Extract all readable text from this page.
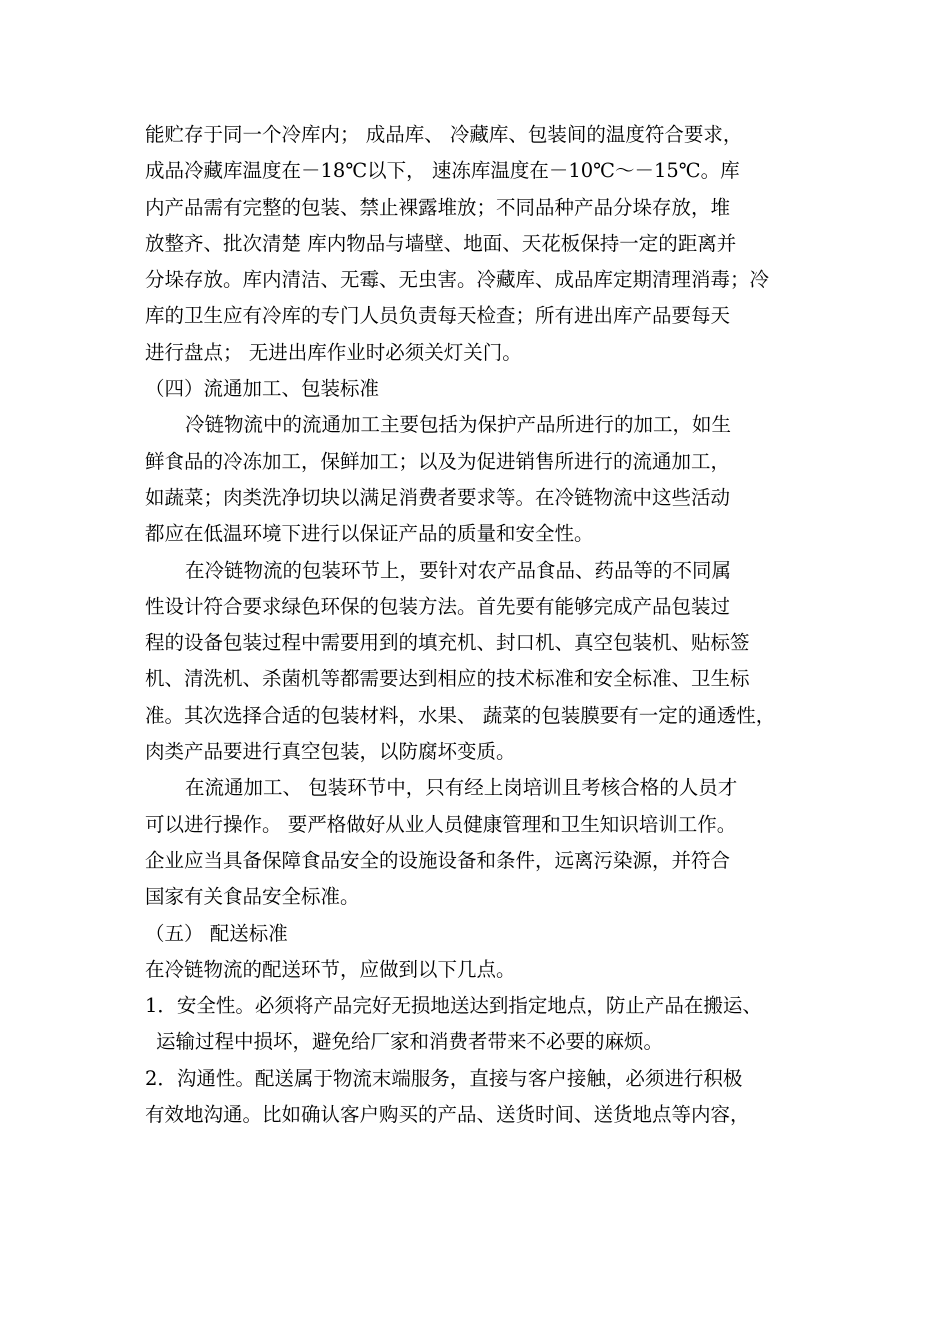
能贮存于同一个冷库内； 成品库、 冷藏库、包装间的温度符合要求，
成品冷藏库温度在－18℃以下， 速冻库温度在－10℃～－15℃。库
内产品需有完整的包装、禁止裸露堆放；不同品种产品分垛存放，堆
放整齐、批次清楚 库内物品与墙壁、地面、天花板保持一定的距离并
分垛存放。库内清洁、无霉、无虫害。冷藏库、成品库定期清理消毒；冷
库的卫生应有冷库的专门人员负责每天检查；所有进出库产品要每天
进行盘点； 无进出库作业时必须关灯关门。
（四）流通加工、包装标准
冷链物流中的流通加工主要包括为保护产品所进行的加工，如生
鲜食品的冷冻加工，保鲜加工；以及为促进销售所进行的流通加工，
如蔬菜；肉类洗净切块以满足消费者要求等。在冷链物流中这些活动
都应在低温环境下进行以保证产品的质量和安全性。
在冷链物流的包装环节上，要针对农产品食品、药品等的不同属
性设计符合要求绿色环保的包装方法。首先要有能够完成产品包装过
程的设备包装过程中需要用到的填充机、封口机、真空包装机、贴标签
机、清洗机、杀菌机等都需要达到相应的技术标准和安全标准、卫生标
准。其次选择合适的包装材料，水果、 蔬菜的包装膜要有一定的通透性，
肉类产品要进行真空包装，以防腐坏变质。
在流通加工、 包装环节中，只有经上岗培训且考核合格的人员才
可以进行操作。 要严格做好从业人员健康管理和卫生知识培训工作。
企业应当具备保障食品安全的设施设备和条件，远离污染源，并符合
国家有关食品安全标准。
（五） 配送标准
在冷链物流的配送环节，应做到以下几点。
1．安全性。必须将产品完好无损地送达到指定地点，防止产品在搬运、
运输过程中损坏，避免给厂家和消费者带来不必要的麻烦。
2．沟通性。配送属于物流末端服务，直接与客户接触，必须进行积极
有效地沟通。比如确认客户购买的产品、送货时间、送货地点等内容，
